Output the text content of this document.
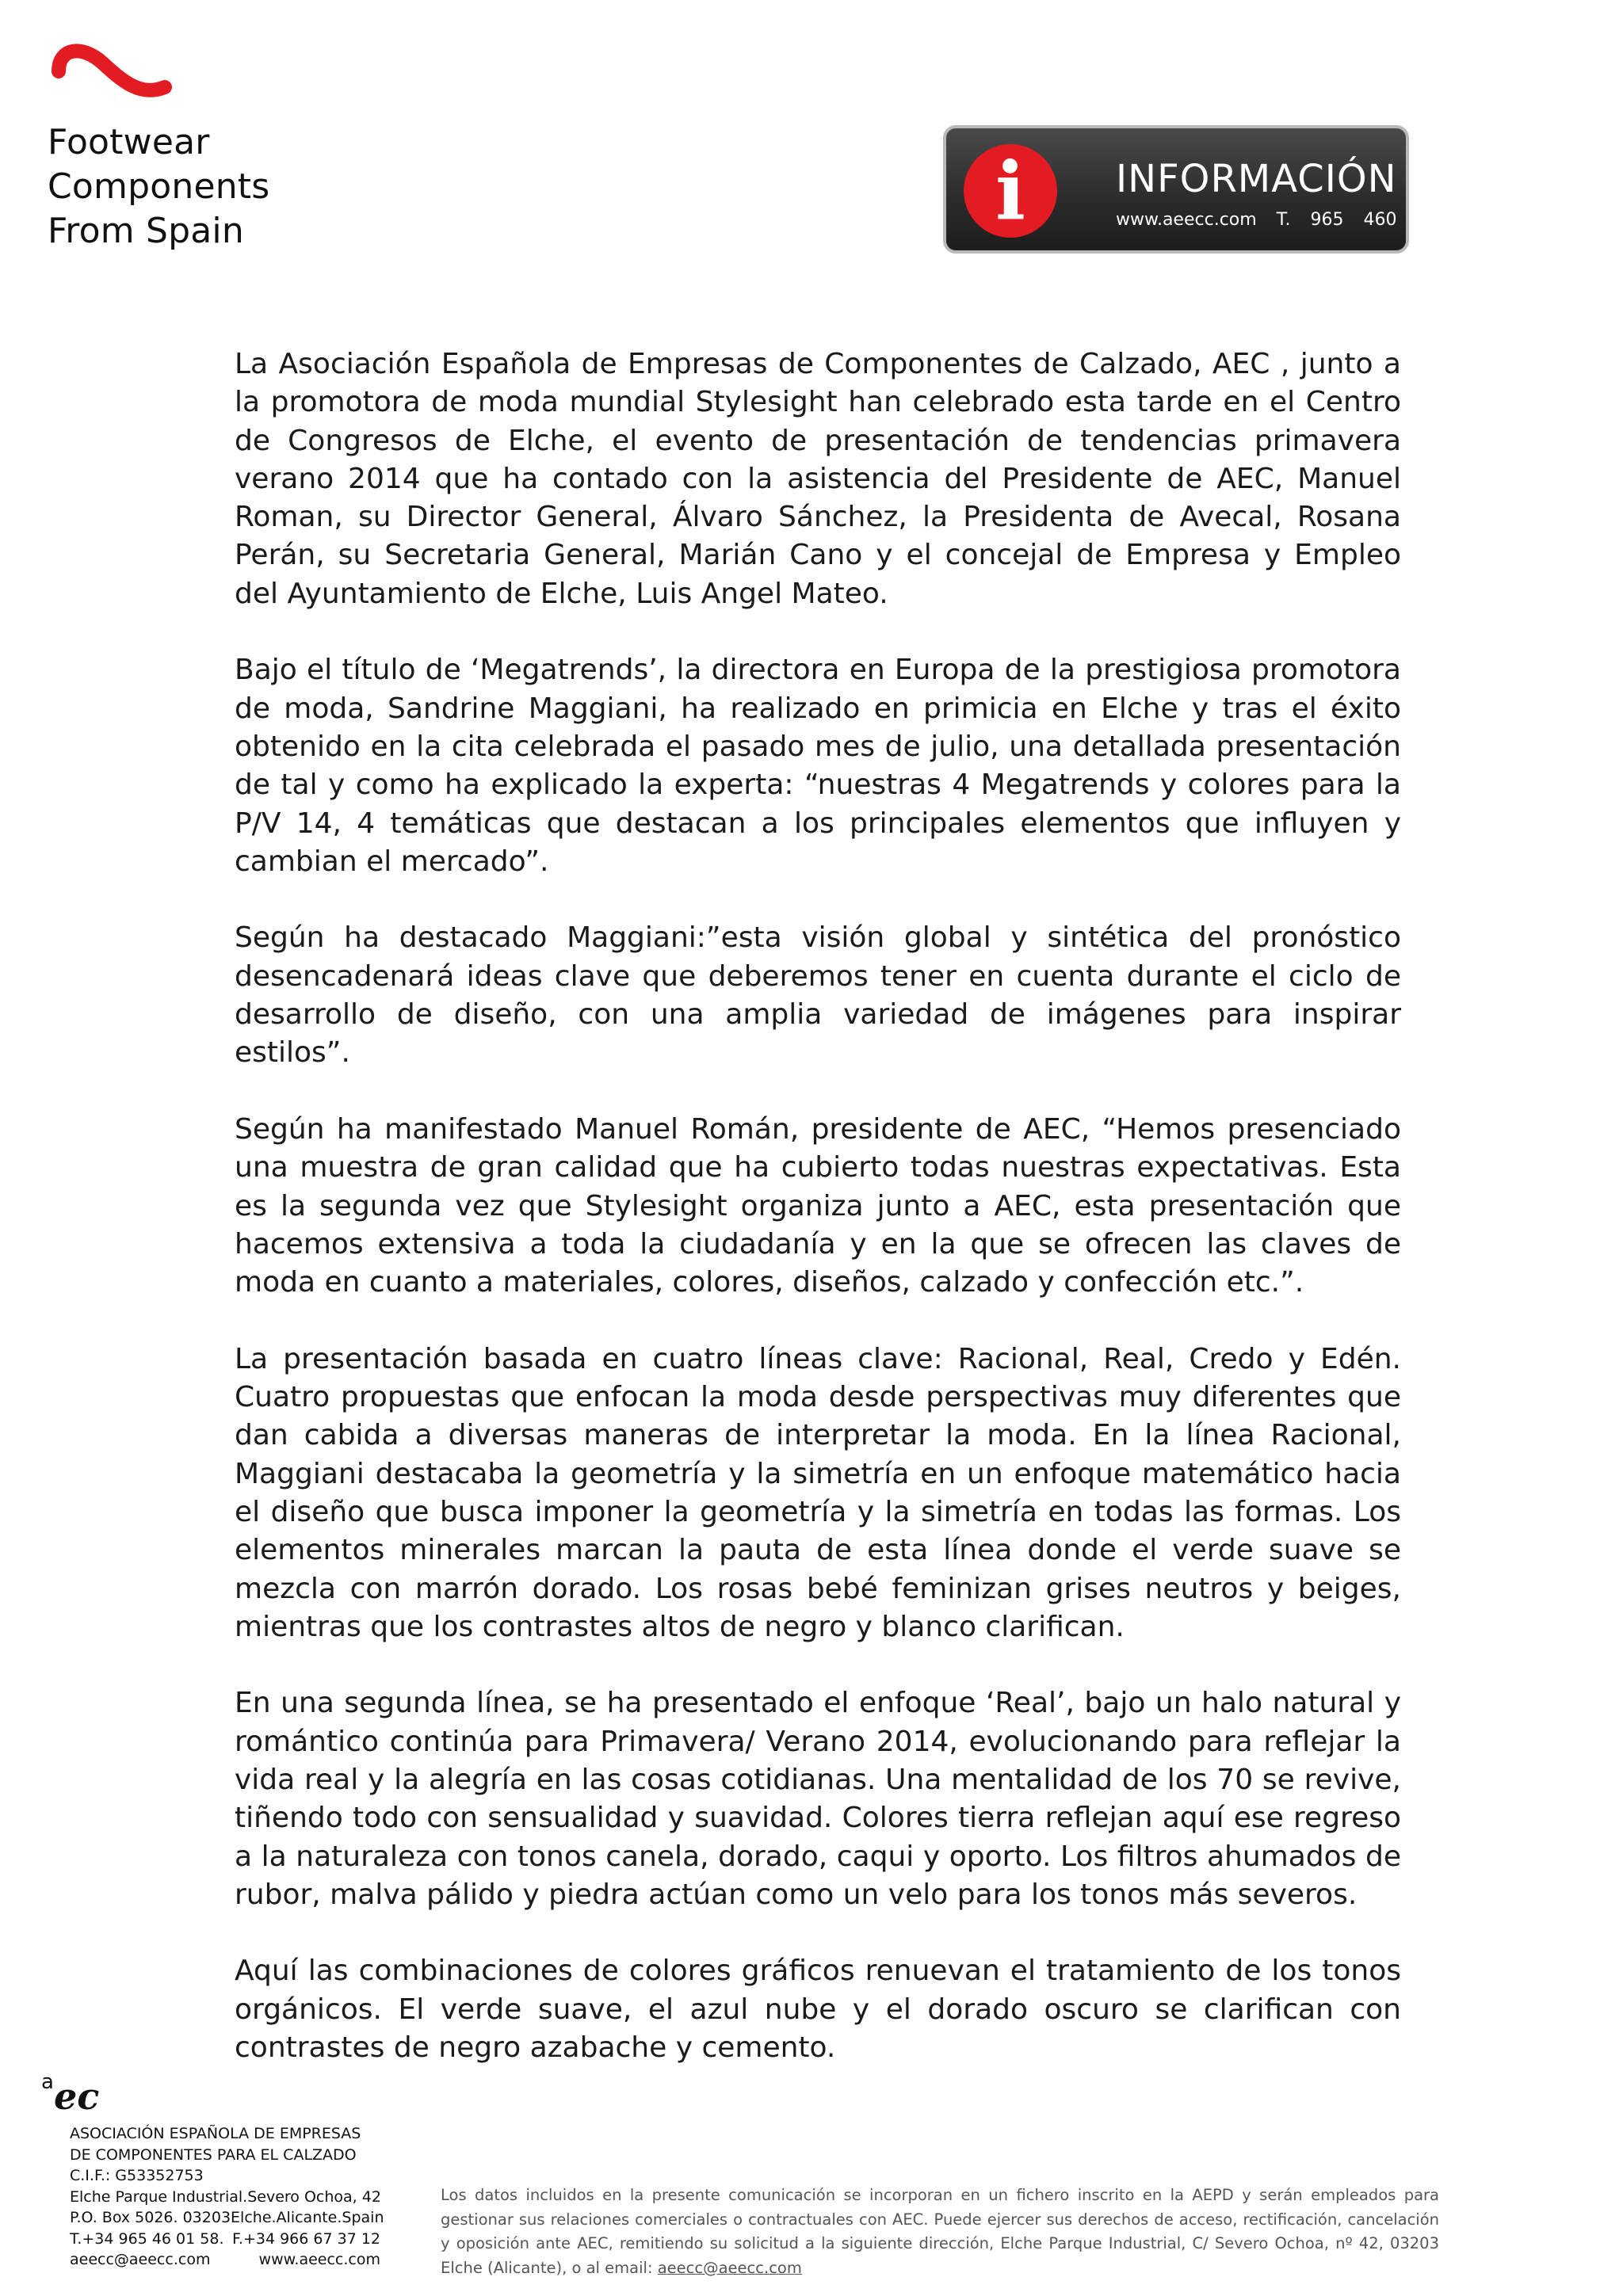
Footwear
Components
From Spain	i	INFORMACIÓN
www.aeecc.com T. 965 460 158

La Asociación Española de Empresas de Componentes de Calzado, AEC , junto a la promotora de moda mundial Stylesight han celebrado esta tarde en el Centro de Congresos de Elche, el evento de presentación de tendencias primavera verano 2014 que ha contado con la asistencia del Presidente de AEC, Manuel Roman, su Director General, Álvaro Sánchez, la Presidenta de Avecal, Rosana Perán, su Secretaria General, Marián Cano y el concejal de Empresa y Empleo del Ayuntamiento de Elche, Luis Angel Mateo.

Bajo el título de ‘Megatrends’, la directora en Europa de la prestigiosa promotora de moda, Sandrine Maggiani, ha realizado en primicia en Elche y tras el éxito obtenido en la cita celebrada el pasado mes de julio, una detallada presentación de tal y como ha explicado la experta: “nuestras 4 Megatrends y colores para la P/V 14, 4 temáticas que destacan a los principales elementos que influyen y cambian el mercado”.

Según ha destacado Maggiani:”esta visión global y sintética del pronóstico desencadenará ideas clave que deberemos tener en cuenta durante el ciclo de desarrollo de diseño, con una amplia variedad de imágenes para inspirar estilos”.

Según ha manifestado Manuel Román, presidente de AEC, “Hemos presenciado una muestra de gran calidad que ha cubierto todas nuestras expectativas. Esta es la segunda vez que Stylesight organiza junto a AEC, esta presentación que hacemos extensiva a toda la ciudadanía y en la que se ofrecen las claves de moda en cuanto a materiales, colores, diseños, calzado y confección etc.”.

La presentación basada en cuatro líneas clave: Racional, Real, Credo y Edén. Cuatro propuestas que enfocan la moda desde perspectivas muy diferentes que dan cabida a diversas maneras de interpretar la moda. En la línea Racional, Maggiani destacaba la geometría y la simetría en un enfoque matemático hacia el diseño que busca imponer la geometría y la simetría en todas las formas. Los elementos minerales marcan la pauta de esta línea donde el verde suave se mezcla con marrón dorado. Los rosas bebé feminizan grises neutros y beiges, mientras que los contrastes altos de negro y blanco clarifican.

En una segunda línea, se ha presentado el enfoque ‘Real’, bajo un halo natural y romántico continúa para Primavera/ Verano 2014, evolucionando para reflejar la vida real y la alegría en las cosas cotidianas. Una mentalidad de los 70 se revive, tiñendo todo con sensualidad y suavidad. Colores tierra reflejan aquí ese regreso a la naturaleza con tonos canela, dorado, caqui y oporto. Los filtros ahumados de rubor, malva pálido y piedra actúan como un velo para los tonos más severos.

Aquí las combinaciones de colores gráficos renuevan el tratamiento de los tonos orgánicos. El verde suave, el azul nube y el dorado oscuro se clarifican con contrastes de negro azabache y cemento.

a ec
ASOCIACIÓN ESPAÑOLA DE EMPRESAS
DE COMPONENTES PARA EL CALZADO
C.I.F.: G53352753
Elche Parque Industrial. Severo Ochoa, 42
P.O. Box 5026. 03203 Elche.Alicante.Spain
T.+34 965 46 01 58. F.+34 966 67 37 12
aeecc@aeecc.com	www.aeecc.com
Los datos incluidos en la presente comunicación se incorporan en un fichero inscrito en la AEPD y serán empleados para gestionar sus relaciones comerciales o contractuales con AEC. Puede ejercer sus derechos de acceso, rectificación, cancelación y oposición ante AEC, remitiendo su solicitud a la siguiente dirección, Elche Parque Industrial, C/ Severo Ochoa, nº 42, 03203 Elche (Alicante), o al email: aeecc@aeecc.com
